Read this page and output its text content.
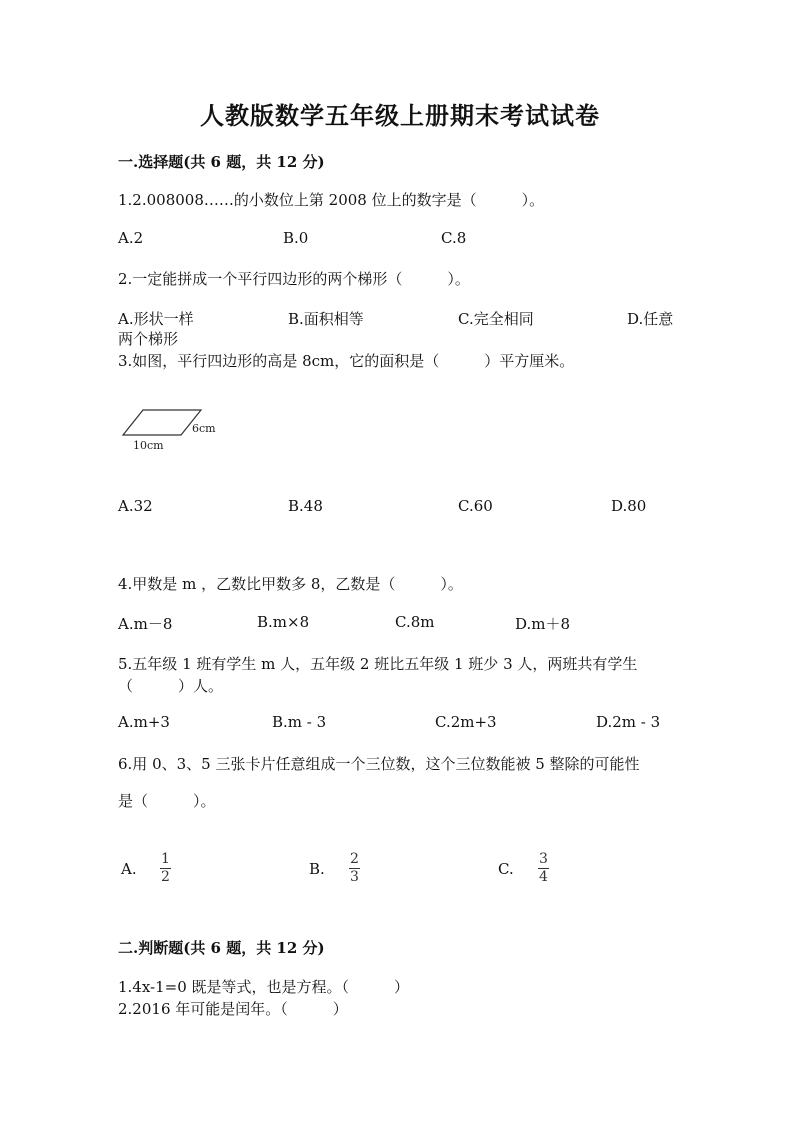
人教版数学五年级上册期末考试试卷
一.选择题(共 6 题，共 12 分)
1.2.008008……的小数位上第 2008 位上的数字是（　　　）。
A.2	B.0	C.8
2.一定能拼成一个平行四边形的两个梯形（　　　）。
A.形状一样	B.面积相等	C.完全相同	D.任意
两个梯形
3.如图，平行四边形的高是 8cm，它的面积是（　　　）平方厘米。
6cm
10cm
A.32	B.48	C.60	D.80
4.甲数是 m ，乙数比甲数多 8，乙数是（　　　）。
A.m－8	B.m×8	C.8m	D.m＋8
5.五年级 1 班有学生 m 人，五年级 2 班比五年级 1 班少 3 人，两班共有学生
（　　　）人。
A.m+3	B.m - 3	C.2m+3	D.2m - 3
6.用 0、3、5 三张卡片任意组成一个三位数，这个三位数能被 5 整除的可能性
是（　　　）。
A.
1
2	B.
2
3	C.
3
4
二.判断题(共 6 题，共 12 分)
1.4x-1=0 既是等式，也是方程。（　　　）
2.2016 年可能是闰年。（　　　）
